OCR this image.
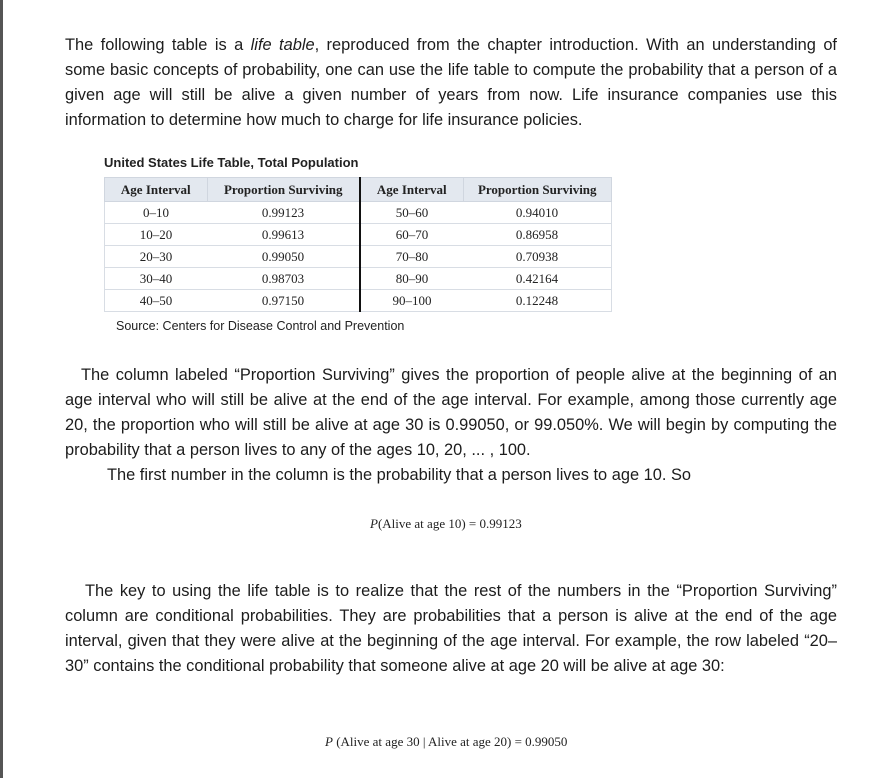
The following table is a life table, reproduced from the chapter introduction. With an understanding of some basic concepts of probability, one can use the life table to compute the probability that a person of a given age will still be alive a given number of years from now. Life insurance companies use this information to determine how much to charge for life insurance policies.

United States Life Table, Total Population
Age Interval	Proportion Surviving	Age Interval	Proportion Surviving
0–10	0.99123	50–60	0.94010
10–20	0.99613	60–70	0.86958
20–30	0.99050	70–80	0.70938
30–40	0.98703	80–90	0.42164
40–50	0.97150	90–100	0.12248
Source: Centers for Disease Control and Prevention

The column labeled “Proportion Surviving” gives the proportion of people alive at the beginning of an age interval who will still be alive at the end of the age interval. For example, among those currently age 20, the proportion who will still be alive at age 30 is 0.99050, or 99.050%. We will begin by computing the probability that a person lives to any of the ages 10, 20, ... , 100.

The first number in the column is the probability that a person lives to age 10. So

P(Alive at age 10) = 0.99123

The key to using the life table is to realize that the rest of the numbers in the “Proportion Surviving” column are conditional probabilities. They are probabilities that a person is alive at the end of the age interval, given that they were alive at the beginning of the age interval. For example, the row labeled “20–30” contains the conditional probability that someone alive at age 20 will be alive at age 30:

P (Alive at age 30 | Alive at age 20) = 0.99050
